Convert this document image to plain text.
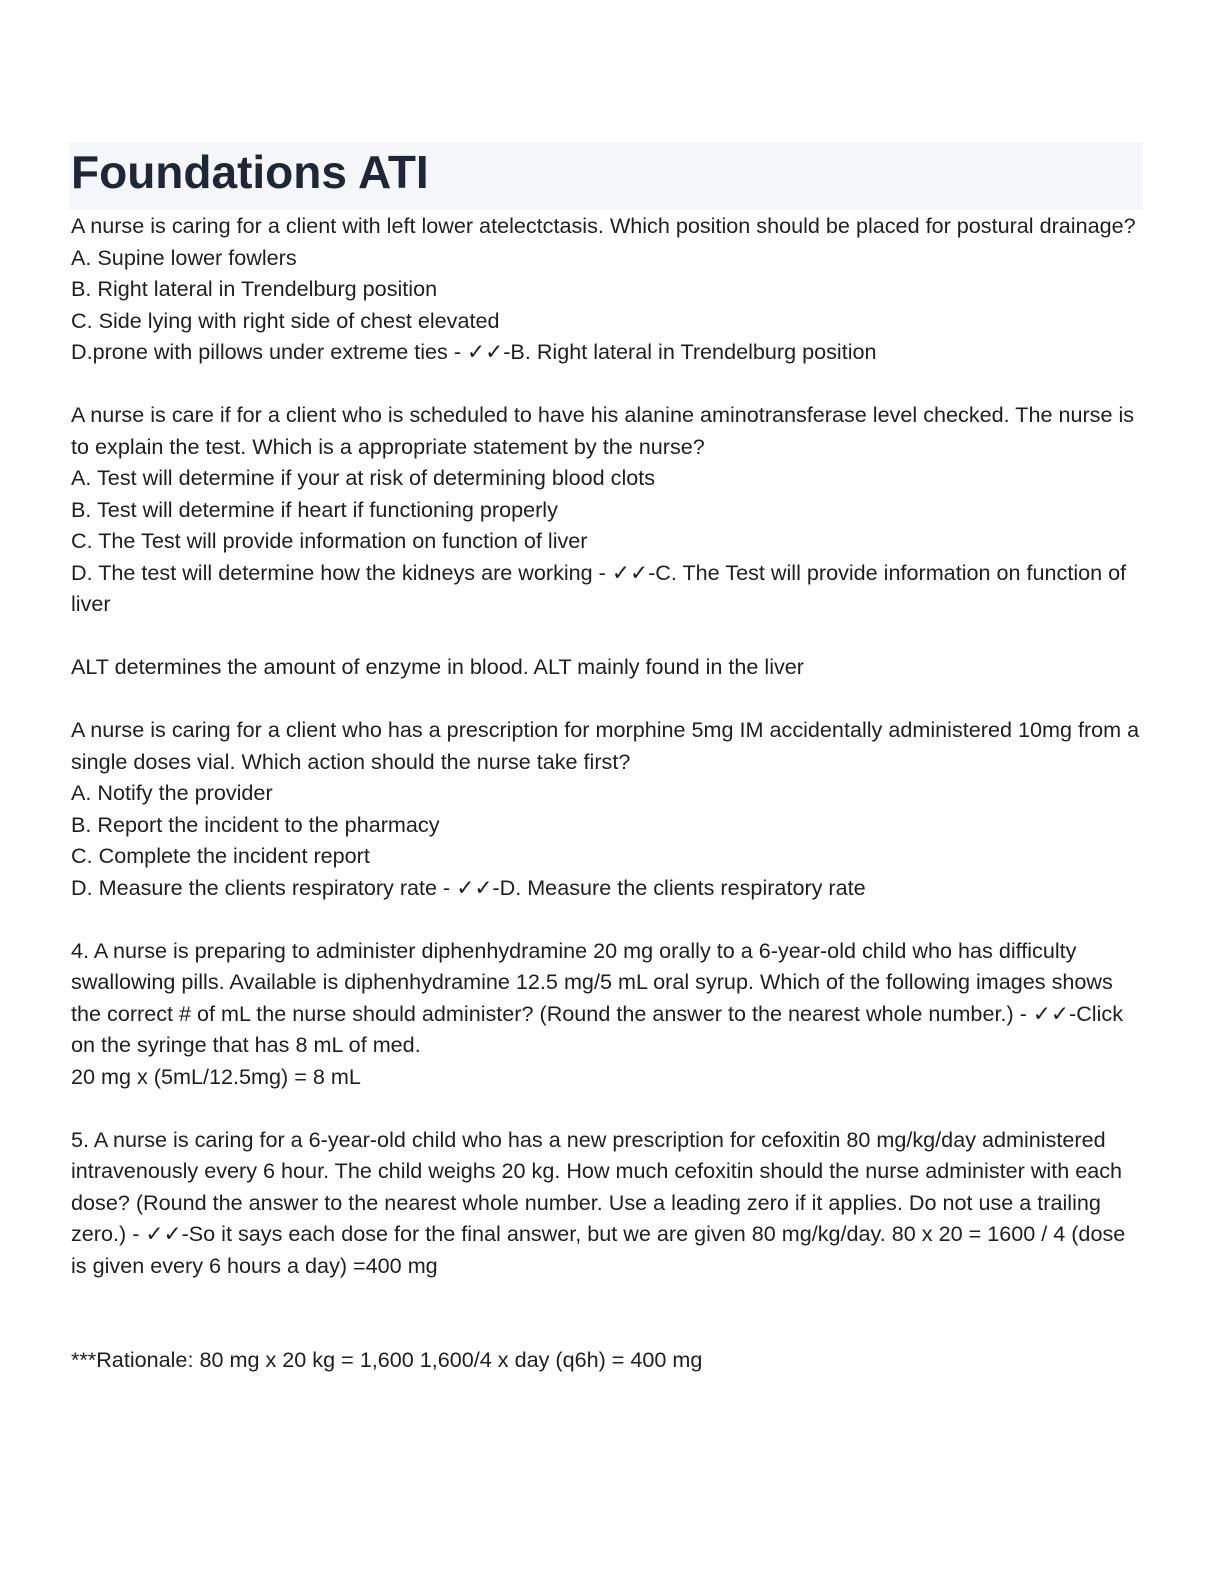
Foundations ATI
A nurse is caring for a client with left lower atelectctasis. Which position should be placed for postural drainage?
A. Supine lower fowlers
B. Right lateral in Trendelburg position
C. Side lying with right side of chest elevated
D.prone with pillows under extreme ties - ✓✓-B. Right lateral in Trendelburg position
A nurse is care if for a client who is scheduled to have his alanine aminotransferase level checked. The nurse is to explain the test. Which is a appropriate statement by the nurse?
A. Test will determine if your at risk of determining blood clots
B. Test will determine if heart if functioning properly
C. The Test will provide information on function of liver
D. The test will determine how the kidneys are working - ✓✓-C. The Test will provide information on function of liver
ALT determines the amount of enzyme in blood. ALT mainly found in the liver
A nurse is caring for a client who has a prescription for morphine 5mg IM accidentally administered 10mg from a single doses vial. Which action should the nurse take first?
A. Notify the provider
B. Report the incident to the pharmacy
C. Complete the incident report
D. Measure the clients respiratory rate - ✓✓-D. Measure the clients respiratory rate
4. A nurse is preparing to administer diphenhydramine 20 mg orally to a 6-year-old child who has difficulty swallowing pills. Available is diphenhydramine 12.5 mg/5 mL oral syrup. Which of the following images shows the correct # of mL the nurse should administer? (Round the answer to the nearest whole number.) - ✓✓-Click on the syringe that has 8 mL of med.
20 mg x (5mL/12.5mg) = 8 mL
5. A nurse is caring for a 6-year-old child who has a new prescription for cefoxitin 80 mg/kg/day administered intravenously every 6 hour. The child weighs 20 kg. How much cefoxitin should the nurse administer with each dose? (Round the answer to the nearest whole number. Use a leading zero if it applies. Do not use a trailing zero.) - ✓✓-So it says each dose for the final answer, but we are given 80 mg/kg/day. 80 x 20 = 1600 / 4 (dose is given every 6 hours a day) =400 mg
***Rationale: 80 mg x 20 kg = 1,600 1,600/4 x day (q6h) = 400 mg
